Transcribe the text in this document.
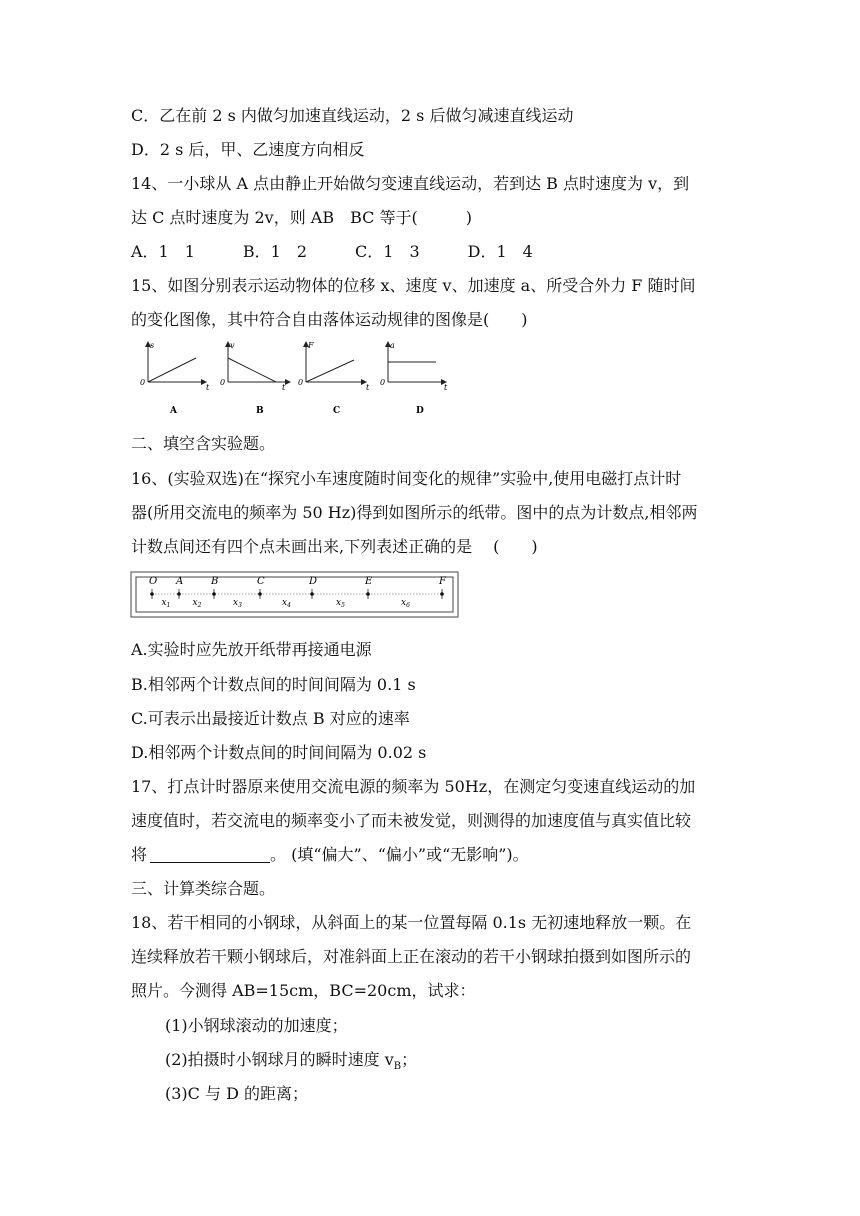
C．乙在前 2 s 内做匀加速直线运动，2 s 后做匀减速直线运动
D．2 s 后，甲、乙速度方向相反
14、一小球从 A 点由静止开始做匀变速直线运动，若到达 B 点时速度为 v，到
达 C 点时速度为 2v，则 AB　BC 等于(　　　)
A．1　1　　　B．1　2　　　C．1　3　　　D．1　4
15、如图分别表示运动物体的位移 x、速度 v、加速度 a、所受合外力 F 随时间
的变化图像，其中符合自由落体运动规律的图像是(　　)
s
0
t
A
v
0
t
B
F
0
t
C
a
0
t
D
二、填空含实验题。
16、(实验双选)在“探究小车速度随时间变化的规律”实验中,使用电磁打点计时
器(所用交流电的频率为 50 Hz)得到如图所示的纸带。图中的点为计数点,相邻两
计数点间还有四个点未画出来,下列表述正确的是　 (　　)
O A	B	C	D	E	F
$x_1$ $x_2$	$x_3$	$x_4$	$x_5$	$x_6$
A.实验时应先放开纸带再接通电源
B.相邻两个计数点间的时间间隔为 0.1 s
C.可表示出最接近计数点 B 对应的速率
D.相邻两个计数点间的时间间隔为 0.02 s
17、打点计时器原来使用交流电源的频率为 50Hz，在测定匀变速直线运动的加
速度值时，若交流电的频率变小了而未被发觉，则测得的加速度值与真实值比较
将	。 (填“偏大”、“偏小”或“无影响”)。
三、计算类综合题。
18、若干相同的小钢球，从斜面上的某一位置每隔 0.1s 无初速地释放一颗。在
连续释放若干颗小钢球后，对准斜面上正在滚动的若干小钢球拍摄到如图所示的
照片。今测得 AB=15cm，BC=20cm，试求：
(1)小钢球滚动的加速度；
(2)拍摄时小钢球月的瞬时速度 $v_B$；
(3)C 与 D 的距离；
